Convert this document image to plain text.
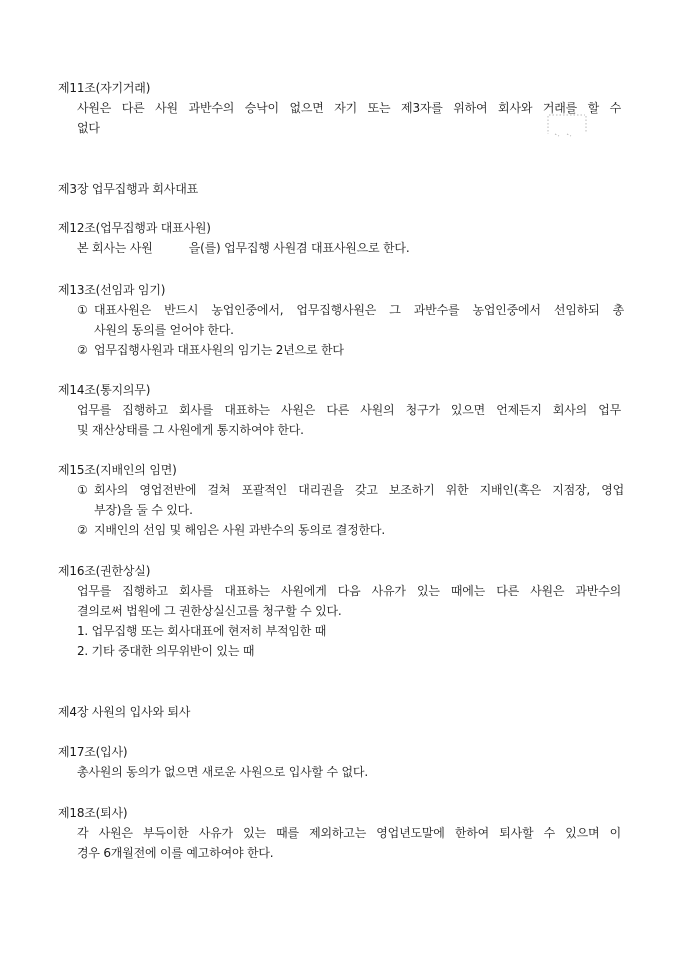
제11조(자기거래)
사원은 다른 사원 과반수의 승낙이 없으면 자기 또는 제3자를 위하여 회사와 거래를 할 수
없다
제3장 업무집행과 회사대표
제12조(업무집행과 대표사원)
본 회사는 사원          을(를) 업무집행 사원겸 대표사원으로 한다.
제13조(선임과 임기)
① 대표사원은 반드시 농업인중에서, 업무집행사원은 그 과반수를 농업인중에서 선임하되 총
사원의 동의를 얻어야 한다.
② 업무집행사원과 대표사원의 임기는 2년으로 한다
제14조(통지의무)
업무를 집행하고 회사를 대표하는 사원은 다른 사원의 청구가 있으면 언제든지 회사의 업무
및 재산상태를 그 사원에게 통지하여야 한다.
제15조(지배인의 임면)
① 회사의 영업전반에 걸쳐 포괄적인 대리권을 갖고 보조하기 위한 지배인(혹은 지점장, 영업
부장)을 둘 수 있다.
② 지배인의 선임 및 해임은 사원 과반수의 동의로 결정한다.
제16조(권한상실)
업무를 집행하고 회사를 대표하는 사원에게 다음 사유가 있는 때에는 다른 사원은 과반수의
결의로써 법원에 그 권한상실신고를 청구할 수 있다.
1. 업무집행 또는 회사대표에 현저히 부적임한 때
2. 기타 중대한 의무위반이 있는 때
제4장 사원의 입사와 퇴사
제17조(입사)
총사원의 동의가 없으면 새로운 사원으로 입사할 수 없다.
제18조(퇴사)
각 사원은 부득이한 사유가 있는 때를 제외하고는 영업년도말에 한하여 퇴사할 수 있으며 이
경우 6개월전에 이를 예고하여야 한다.
